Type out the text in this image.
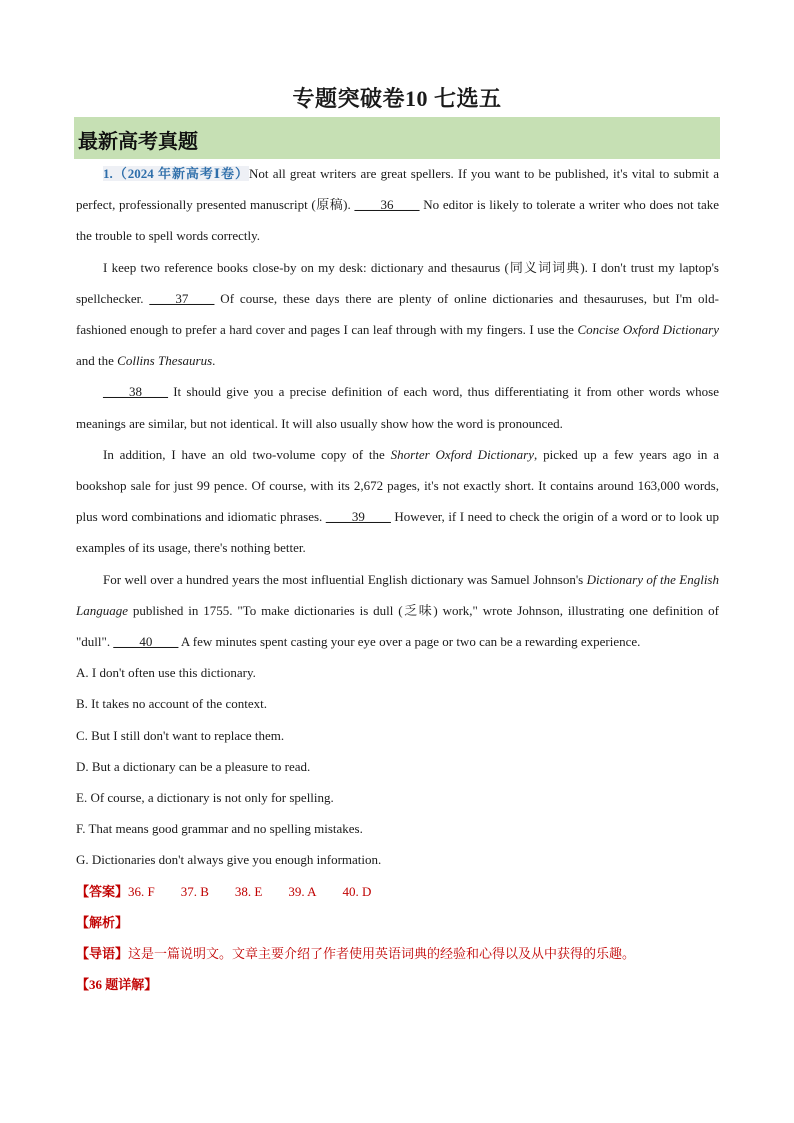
专题突破卷10 七选五
最新高考真题

1.（2024 年新高考Ⅰ卷）Not all great writers are great spellers. If you want to be published, it's vital to submit a perfect, professionally presented manuscript (原稿). ____36____ No editor is likely to tolerate a writer who does not take the trouble to spell words correctly.

I keep two reference books close-by on my desk: dictionary and thesaurus (同义词词典). I don't trust my laptop's spellchecker. ____37____ Of course, these days there are plenty of online dictionaries and thesauruses, but I'm old-fashioned enough to prefer a hard cover and pages I can leaf through with my fingers. I use the Concise Oxford Dictionary and the Collins Thesaurus.

____38____ It should give you a precise definition of each word, thus differentiating it from other words whose meanings are similar, but not identical. It will also usually show how the word is pronounced.

In addition, I have an old two-volume copy of the Shorter Oxford Dictionary, picked up a few years ago in a bookshop sale for just 99 pence. Of course, with its 2,672 pages, it's not exactly short. It contains around 163,000 words, plus word combinations and idiomatic phrases. ____39____ However, if I need to check the origin of a word or to look up examples of its usage, there's nothing better.

For well over a hundred years the most influential English dictionary was Samuel Johnson's Dictionary of the English Language published in 1755. "To make dictionaries is dull (乏味) work," wrote Johnson, illustrating one definition of "dull". ____40____ A few minutes spent casting your eye over a page or two can be a rewarding experience.

A. I don't often use this dictionary.

B. It takes no account of the context.

C. But I still don't want to replace them.

D. But a dictionary can be a pleasure to read.

E. Of course, a dictionary is not only for spelling.

F. That means good grammar and no spelling mistakes.

G. Dictionaries don't always give you enough information.

【答案】36. F 37. B 38. E 39. A 40. D

【解析】

【导语】这是一篇说明文。文章主要介绍了作者使用英语词典的经验和心得以及从中获得的乐趣。

【36 题详解】
